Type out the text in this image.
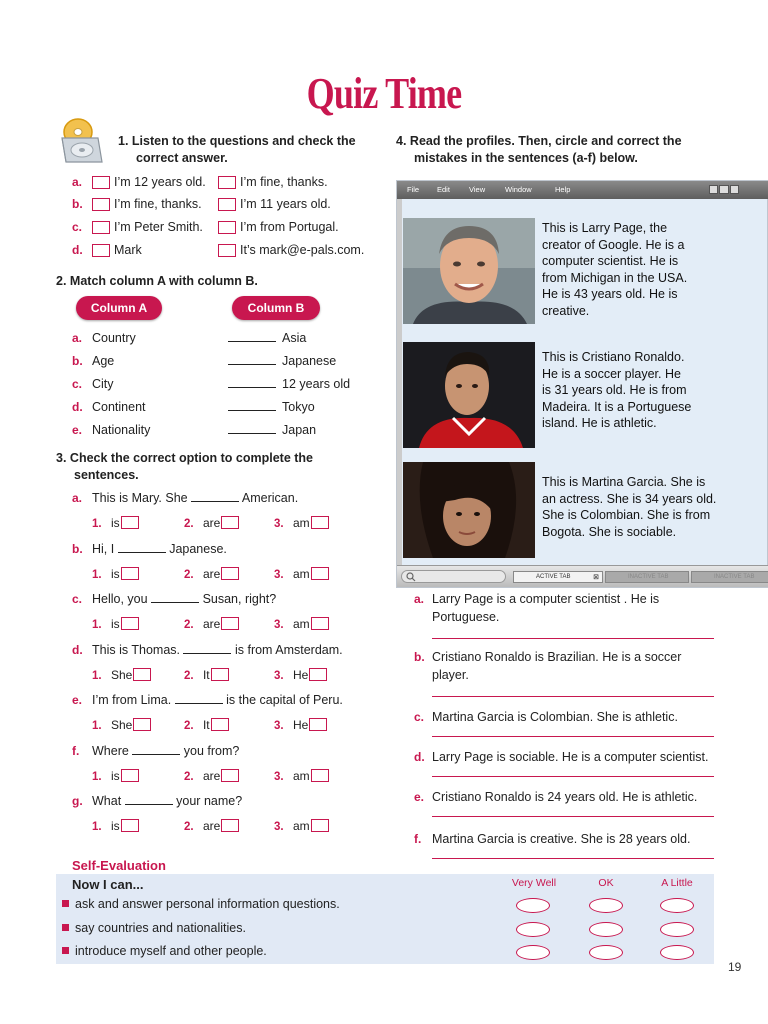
Quiz Time
1. Listen to the questions and check the
correct answer.
a.	I’m 12 years old.	I’m fine, thanks.
b.	I’m fine, thanks.	I’m 11 years old.
c.	I’m Peter Smith.	I’m from Portugal.
d.	Mark	It’s mark@e-pals.com.
2. Match column A with column B.
Column A	Column B
a. Country	Asia
b. Age	Japanese
c. City	12 years old
d. Continent	Tokyo
e. Nationality	Japan
3. Check the correct option to complete the
sentences.
a. This is Mary. She	American.
1. is	2. are	3. am
b. Hi, I	Japanese.
1. is	2. are	3. am
c. Hello, you	Susan, right?
1. is	2. are	3. am
d. This is Thomas.	is from Amsterdam.
1. She	2. It	3. He
e. I’m from Lima.	is the capital of Peru.
1. She	2. It	3. He
f. Where	you from?
1. is	2. are	3. am
g. What	your name?
1. is	2. are	3. am
4. Read the profiles. Then, circle and correct the
mistakes in the sentences (a-f) below.
File Edit	View	Window	Help
This is Larry Page, the
creator of Google. He is a
computer scientist. He is
from Michigan in the USA.
He is 43 years old. He is
creative.
This is Cristiano Ronaldo.
He is a soccer player. He
is 31 years old. He is from
Madeira. It is a Portuguese
island. He is athletic.
This is Martina Garcia. She is
an actress. She is 34 years old.
She is Colombian. She is from
Bogota. She is sociable.
ACTIVE TAB	⊠	INACTIVE TAB	INACTIVE TAB
a. Larry Page is a computer scientist . He is
Portuguese.
b. Cristiano Ronaldo is Brazilian. He is a soccer
player.
c. Martina Garcia is Colombian. She is athletic.
d. Larry Page is sociable. He is a computer scientist.
e. Cristiano Ronaldo is 24 years old. He is athletic.
f. Martina Garcia is creative. She is 28 years old.
Self-Evaluation
Now I can...	Very Well	OK	A Little
ask and answer personal information questions.
say countries and nationalities.
introduce myself and other people.
19
